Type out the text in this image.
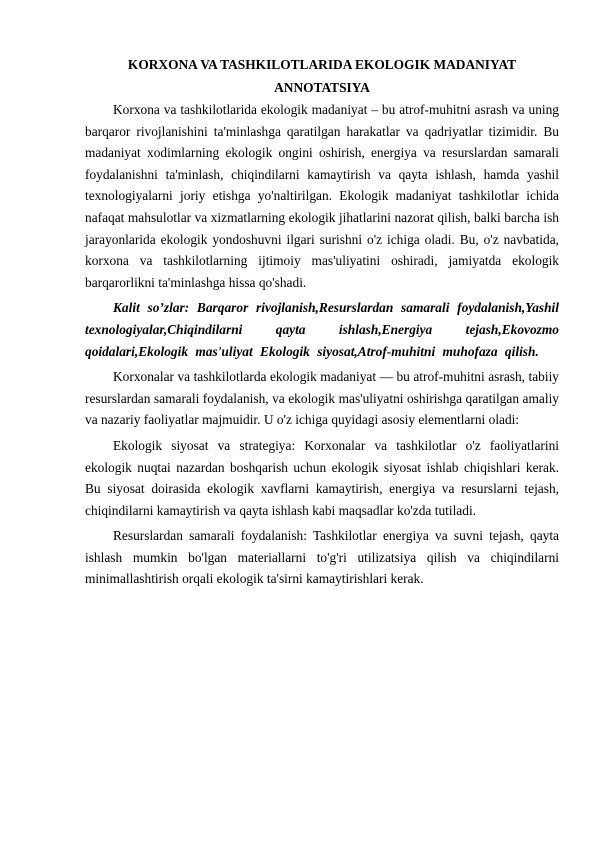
KORXONA VA TASHKILOTLARIDA EKOLOGIK MADANIYAT
ANNOTATSIYA

Korxona va tashkilotlarida ekologik madaniyat – bu atrof-muhitni asrash va uning barqaror rivojlanishini ta'minlashga qaratilgan harakatlar va qadriyatlar tizimidir. Bu madaniyat xodimlarning ekologik ongini oshirish, energiya va resurslardan samarali foydalanishni ta'minlash, chiqindilarni kamaytirish va qayta ishlash, hamda yashil texnologiyalarni joriy etishga yo'naltirilgan. Ekologik madaniyat tashkilotlar ichida nafaqat mahsulotlar va xizmatlarning ekologik jihatlarini nazorat qilish, balki barcha ish jarayonlarida ekologik yondoshuvni ilgari surishni o'z ichiga oladi. Bu, o'z navbatida, korxona va tashkilotlarning ijtimoiy mas'uliyatini oshiradi, jamiyatda ekologik barqarorlikni ta'minlashga hissa qo'shadi.

Kalit so’zlar: Barqaror rivojlanish,Resurslardan samarali foydalanish,Yashil texnologiyalar,Chiqindilarni qayta ishlash,Energiya tejash,Ekovozmo qoidalari,Ekologik mas'uliyat Ekologik siyosat,Atrof-muhitni muhofaza qilish.

Korxonalar va tashkilotlarda ekologik madaniyat — bu atrof-muhitni asrash, tabiiy resurslardan samarali foydalanish, va ekologik mas'uliyatni oshirishga qaratilgan amaliy va nazariy faoliyatlar majmuidir. U o'z ichiga quyidagi asosiy elementlarni oladi:

Ekologik siyosat va strategiya: Korxonalar va tashkilotlar o'z faoliyatlarini ekologik nuqtai nazardan boshqarish uchun ekologik siyosat ishlab chiqishlari kerak. Bu siyosat doirasida ekologik xavflarni kamaytirish, energiya va resurslarni tejash, chiqindilarni kamaytirish va qayta ishlash kabi maqsadlar ko'zda tutiladi.

Resurslardan samarali foydalanish: Tashkilotlar energiya va suvni tejash, qayta ishlash mumkin bo'lgan materiallarni to'g'ri utilizatsiya qilish va chiqindilarni minimallashtirish orqali ekologik ta'sirni kamaytirishlari kerak.
